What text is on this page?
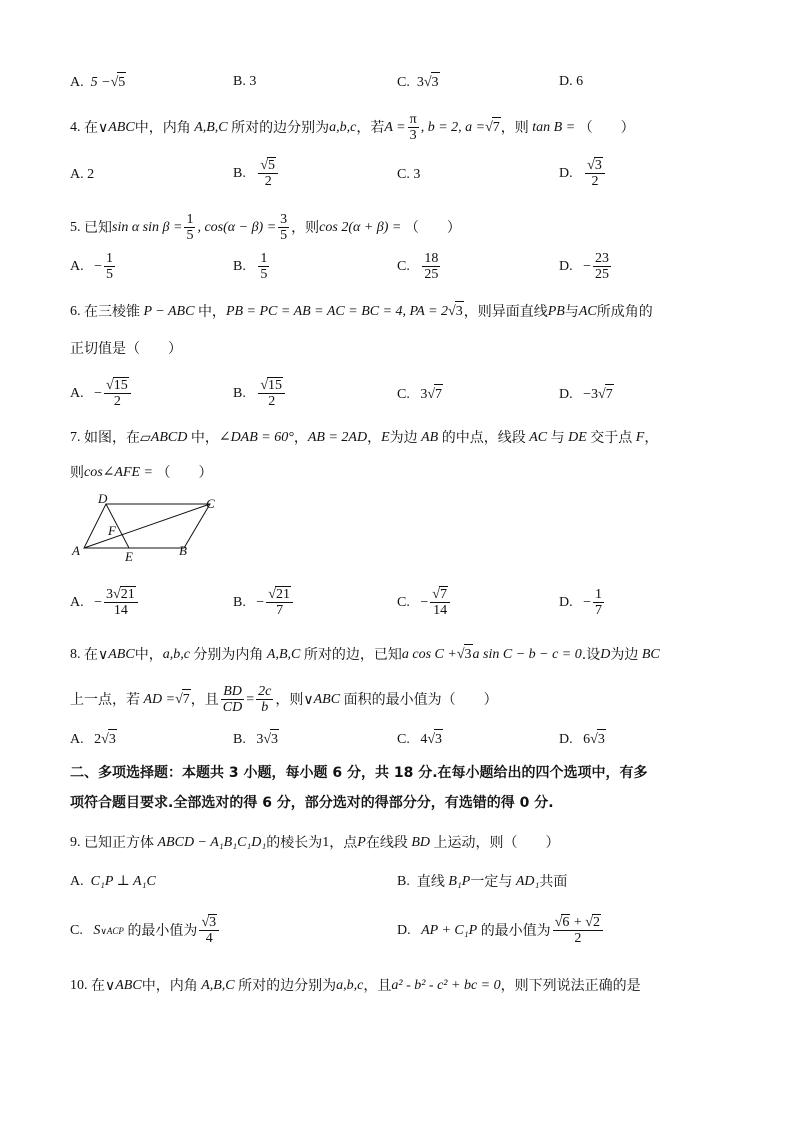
A.
5 − √ 5	B. 3	C.
3 √ 3	D. 6
4.
在∨ ABC 中，内角
A,B,C
所对的边分别为 a,b,c ，若 $A = \frac{\pi}{3}$ , b = 2, a = √ 7 ，则
tan B =
（　　）
A. 2	B.
$\frac{√5}{2}$	C. 3	D.
$\frac{√3}{2}$
5.
已知 sin α $\sin \beta = \frac{1}{5}$ , $\cos(\alpha - \beta) = \frac{3}{5}$ ，则 cos 2(α + β) =
（　　）
A. − $\frac{1}{5}$	B.
$\frac{1}{5}$	C.
$\frac{18}{25}$	D. − $\frac{23}{25}$
6.
在三棱锥
P − ABC
中， PB = PC = AB = AC = BC = 4, PA = 2 √ 3 ，则异面直线 PB 与 AC 所成角的
正切值是（　　）
A. − $\frac{√15}{2}$	B.
$\frac{√15}{2}$	C.
3 √ 7	D.
−3 √ 7
7.
如图，在▱ ABCD
中， ∠DAB = 60° ， AB = 2AD ， E 为边
AB
的中点，线段
AC
与
DE
交于点
F ，
则 cos∠AFE =
（　　）
D	C
F
A	E	B
A. − $\frac{3√21}{14}$	B. − $\frac{√21}{7}$	C. − $\frac{√7}{14}$	D. − $\frac{1}{7}$
8.
在∨ ABC 中， a,b,c
分别为内角
A,B,C
所对的边，已知 a cos C + √ 3 a sin C − b − c = 0 .设 D 为边
BC
上一点，若
AD = √ 7 ，且 $\frac{BD}{CD} = \frac{2c}{b}$ ，则∨ ABC
面积的最小值为（　　）
A.
2 √ 3	B.
3 √ 3	C.
4 √ 3	D.
6 √ 3
二、多项选择题：本题共 3 小题，每小题 6 分，共 18 分.在每小题给出的四个选项中，有多
项符合题目要求.全部选对的得 6 分，部分选对的得部分分，有选错的得 0 分.
9.
已知正方体
ABCD − A₁B₁C₁D₁ 的棱长为 1 ，点 P 在线段
BD
上运动，则（　　）
A.
C₁P ⊥ A₁C	B.
直线
B₁P 一定与
AD₁ 共面
C.
S ∨ACP
的最小值为 $\frac{√3}{4}$	D.
AP + C₁P
的最小值为 $\frac{√6 + √2}{2}$
10.
在∨ ABC 中，内角
A,B,C
所对的边分别为 a,b,c ，且 a² - b² - c² + bc = 0 ，则下列说法正确的是
